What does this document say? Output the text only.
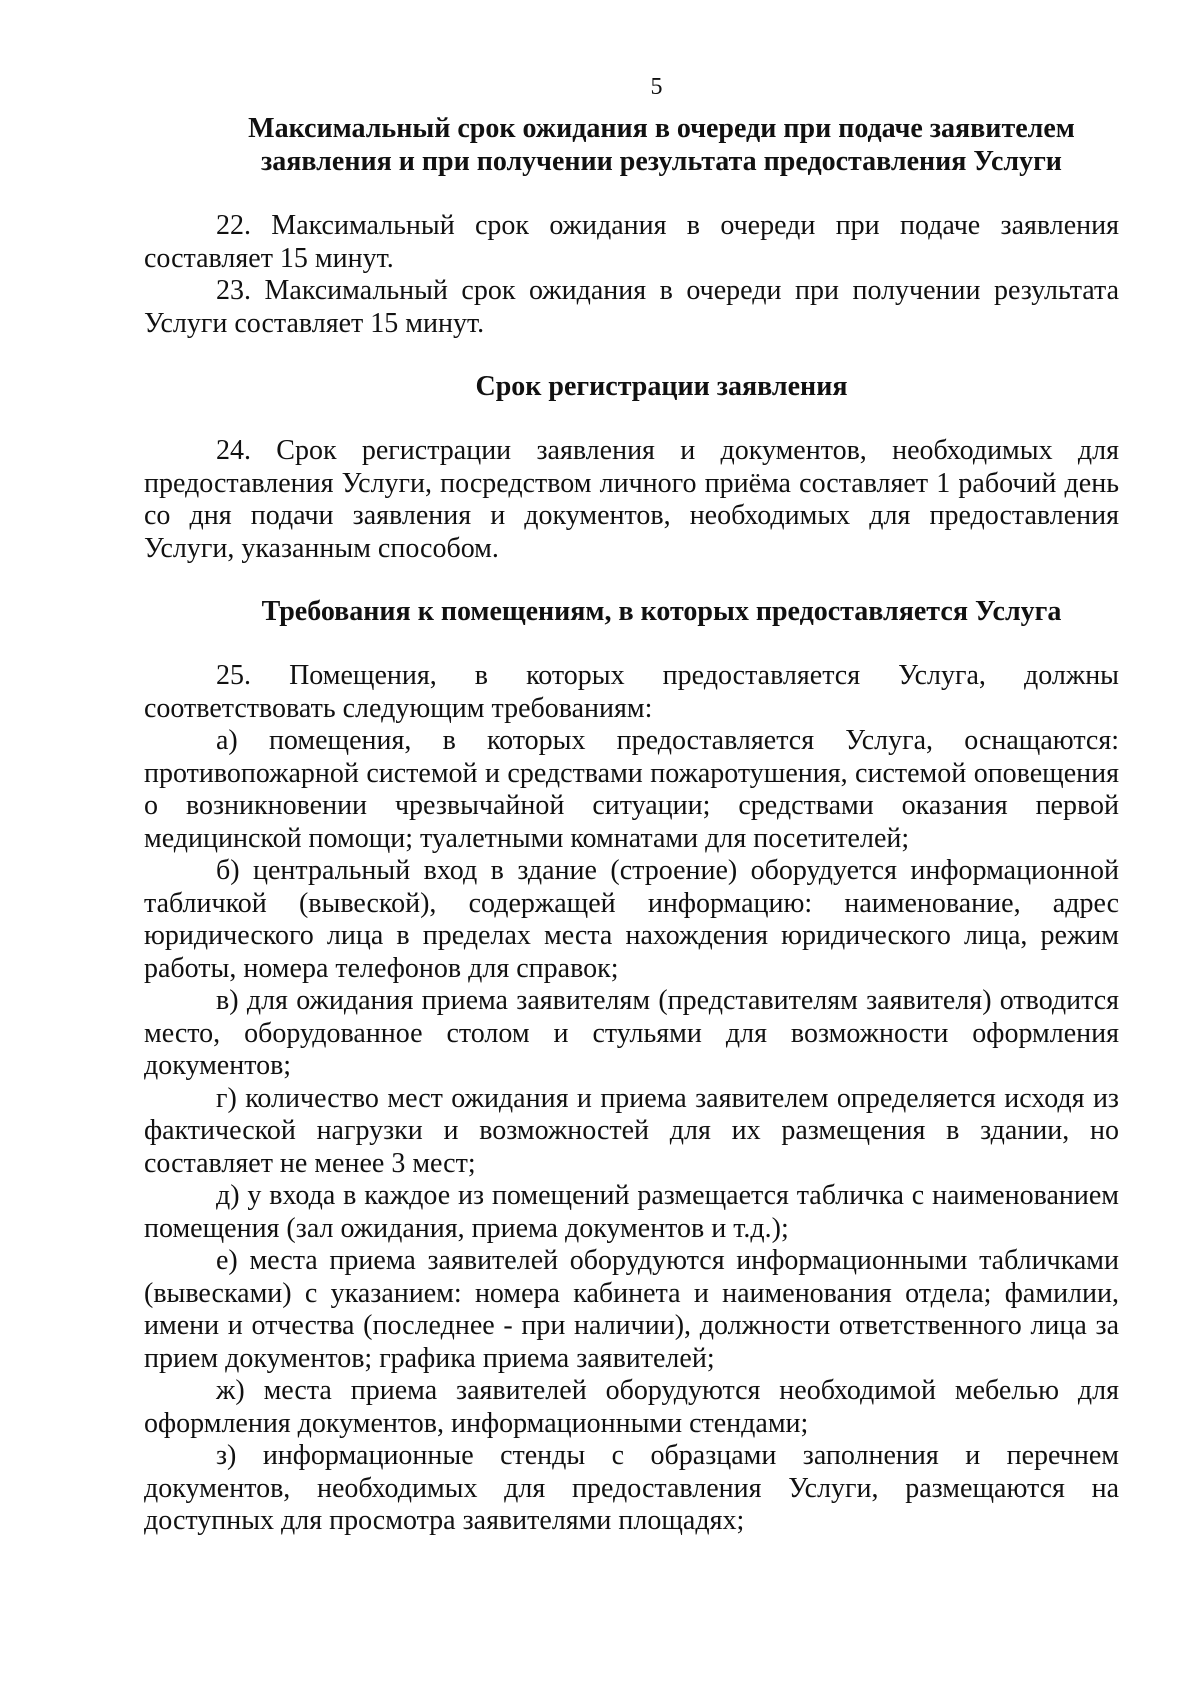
5
Максимальный срок ожидания в очереди при подаче заявителем
заявления и при получении результата предоставления Услуги

22. Максимальный срок ожидания в очереди при подаче заявления составляет 15 минут.

23. Максимальный срок ожидания в очереди при получении результата Услуги составляет 15 минут.

Срок регистрации заявления

24. Срок регистрации заявления и документов, необходимых для предоставления Услуги, посредством личного приёма составляет 1 рабочий день со дня подачи заявления и документов, необходимых для предоставления Услуги, указанным способом.

Требования к помещениям, в которых предоставляется Услуга

25. Помещения, в которых предоставляется Услуга, должны соответствовать следующим требованиям:

а) помещения, в которых предоставляется Услуга, оснащаются: противопожарной системой и средствами пожаротушения, системой оповещения о возникновении чрезвычайной ситуации; средствами оказания первой медицинской помощи; туалетными комнатами для посетителей;

б) центральный вход в здание (строение) оборудуется информационной табличкой (вывеской), содержащей информацию: наименование, адрес юридического лица в пределах места нахождения юридического лица, режим работы, номера телефонов для справок;

в) для ожидания приема заявителям (представителям заявителя) отводится место, оборудованное столом и стульями для возможности оформления документов;

г) количество мест ожидания и приема заявителем определяется исходя из фактической нагрузки и возможностей для их размещения в здании, но составляет не менее 3 мест;

д) у входа в каждое из помещений размещается табличка с наименованием помещения (зал ожидания, приема документов и т.д.);

е) места приема заявителей оборудуются информационными табличками (вывесками) с указанием: номера кабинета и наименования отдела; фамилии, имени и отчества (последнее - при наличии), должности ответственного лица за прием документов; графика приема заявителей;

ж) места приема заявителей оборудуются необходимой мебелью для оформления документов, информационными стендами;

з) информационные стенды с образцами заполнения и перечнем документов, необходимых для предоставления Услуги, размещаются на доступных для просмотра заявителями площадях;
